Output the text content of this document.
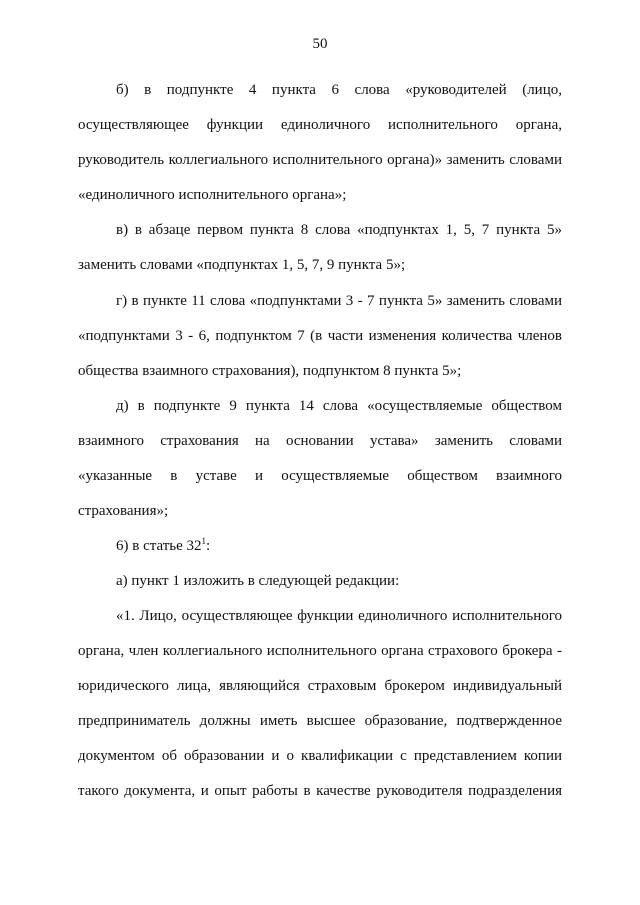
50
б) в подпункте 4 пункта 6 слова «руководителей (лицо,
осуществляющее функции единоличного исполнительного органа,
руководитель коллегиального исполнительного органа)» заменить словами
«единоличного исполнительного органа»;
в) в абзаце первом пункта 8 слова «подпунктах 1, 5, 7 пункта 5»
заменить словами «подпунктах 1, 5, 7, 9 пункта 5»;
г) в пункте 11 слова «подпунктами 3 - 7 пункта 5» заменить словами
«подпунктами 3 - 6, подпунктом 7 (в части изменения количества членов
общества взаимного страхования), подпунктом 8 пункта 5»;
д) в подпункте 9 пункта 14 слова «осуществляемые обществом
взаимного страхования на основании устава» заменить словами
«указанные в уставе и осуществляемые обществом взаимного
страхования»;
6) в статье $32^1$:
а) пункт 1 изложить в следующей редакции:
«1. Лицо, осуществляющее функции единоличного исполнительного
органа, член коллегиального исполнительного органа страхового брокера -
юридического лица, являющийся страховым брокером индивидуальный
предприниматель должны иметь высшее образование, подтвержденное
документом об образовании и о квалификации с представлением копии
такого документа, и опыт работы в качестве руководителя подразделения
